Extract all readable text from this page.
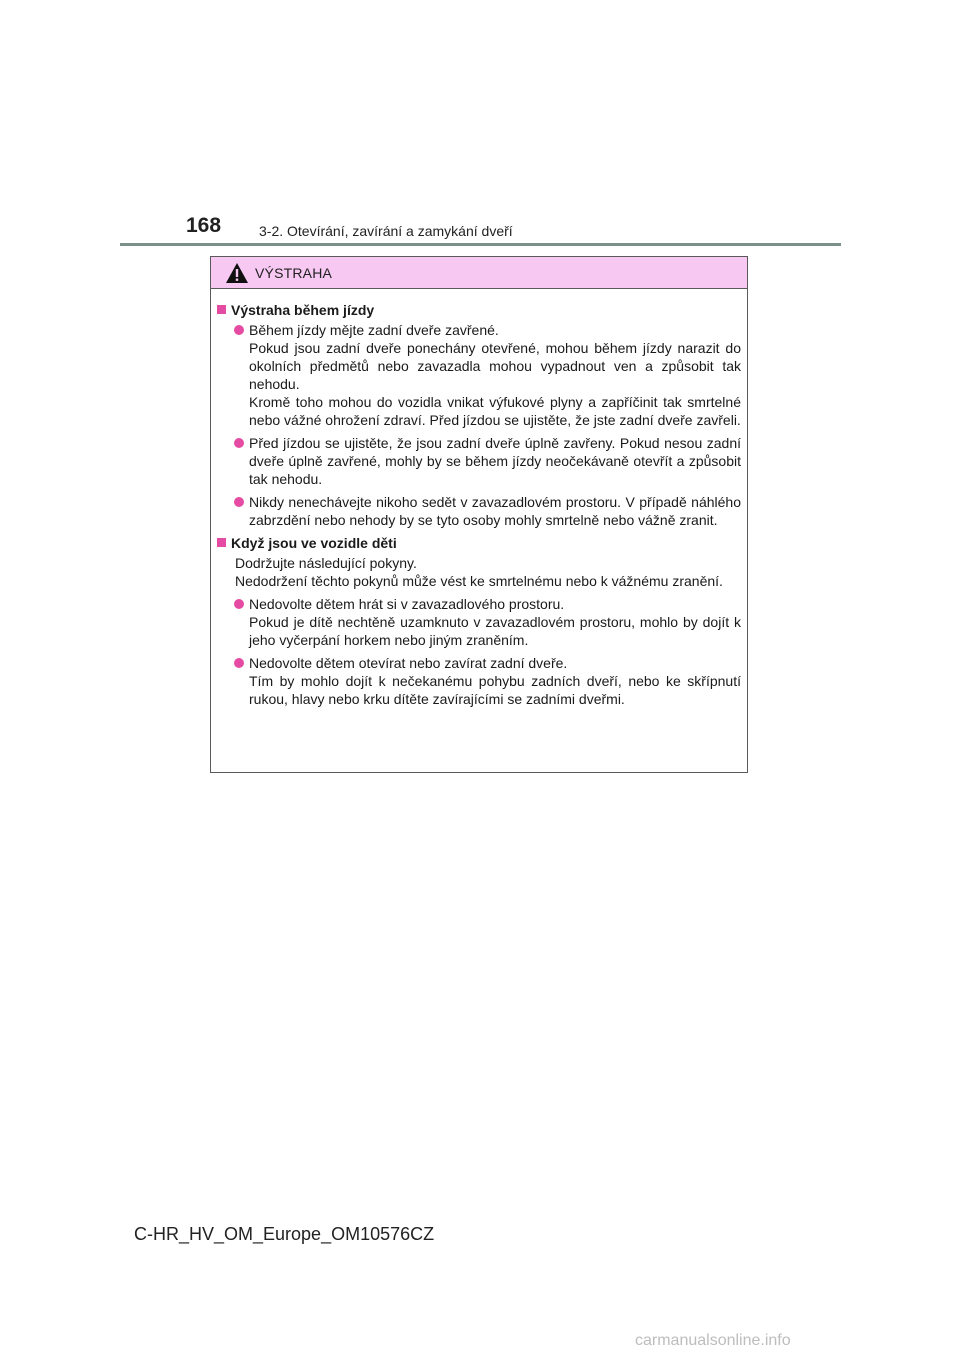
168	3-2. Otevírání, zavírání a zamykání dveří
VÝSTRAHA
Výstraha během jízdy
Během jízdy mějte zadní dveře zavřené.
Pokud jsou zadní dveře ponechány otevřené, mohou během jízdy narazit do okolních předmětů nebo zavazadla mohou vypadnout ven a způsobit tak nehodu.
Kromě toho mohou do vozidla vnikat výfukové plyny a zapříčinit tak smrtelné nebo vážné ohrožení zdraví. Před jízdou se ujistěte, že jste zadní dveře zavřeli.
Před jízdou se ujistěte, že jsou zadní dveře úplně zavřeny. Pokud nesou zadní dveře úplně zavřené, mohly by se během jízdy neočekávaně otevřít a způsobit tak nehodu.
Nikdy nenechávejte nikoho sedět v zavazadlovém prostoru. V případě náhlého zabrzdění nebo nehody by se tyto osoby mohly smrtelně nebo vážně zranit.
Když jsou ve vozidle děti
Dodržujte následující pokyny.
Nedodržení těchto pokynů může vést ke smrtelnému nebo k vážnému zranění.
Nedovolte dětem hrát si v zavazadlového prostoru.
Pokud je dítě nechtěně uzamknuto v zavazadlovém prostoru, mohlo by dojít k jeho vyčerpání horkem nebo jiným zraněním.
Nedovolte dětem otevírat nebo zavírat zadní dveře.
Tím by mohlo dojít k nečekanému pohybu zadních dveří, nebo ke skřípnutí rukou, hlavy nebo krku dítěte zavírajícími se zadními dveřmi.
C-HR_HV_OM_Europe_OM10576CZ
carmanualsonline.info
